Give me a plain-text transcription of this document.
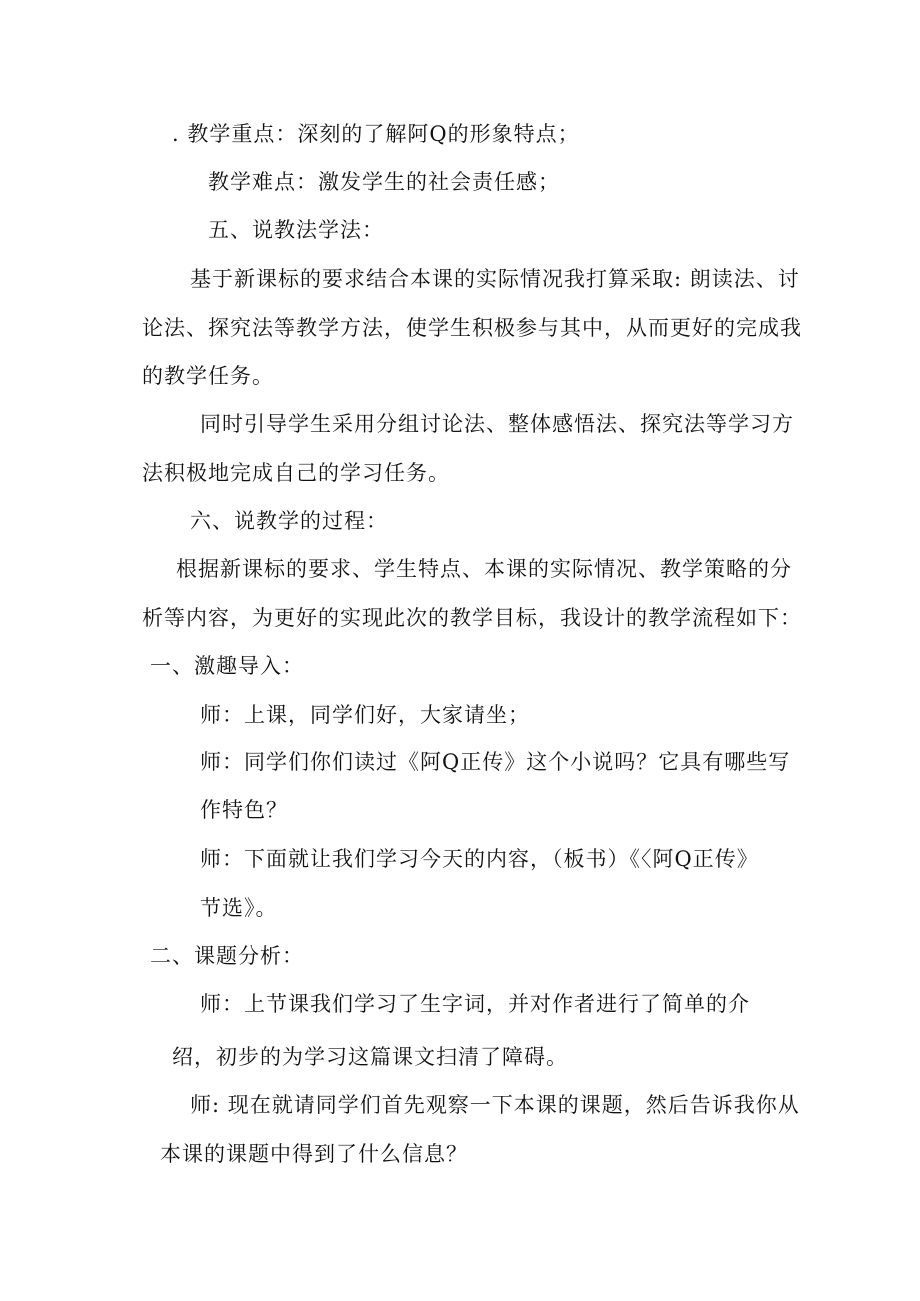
. 教学重点：深刻的了解阿Q的形象特点；
教学难点：激发学生的社会责任感；
五、说教法学法：
基于新课标的要求结合本课的实际情况我打算采取: 朗读法、讨
论法、探究法等教学方法，使学生积极参与其中，从而更好的完成我
的教学任务。
同时引导学生采用分组讨论法、整体感悟法、探究法等学习方
法积极地完成自己的学习任务。
六、说教学的过程：
根据新课标的要求、学生特点、本课的实际情况、教学策略的分
析等内容，为更好的实现此次的教学目标，我设计的教学流程如下：
一、激趣导入：
师：上课，同学们好，大家请坐；
师：同学们你们读过《阿Q正传》这个小说吗？它具有哪些写
作特色？
师：下面就让我们学习今天的内容，（板书）《〈阿Q正传》
节选》。
二、课题分析：
师：上节课我们学习了生字词，并对作者进行了简单的介
绍，初步的为学习这篇课文扫清了障碍。
师: 现在就请同学们首先观察一下本课的课题，然后告诉我你从
本课的课题中得到了什么信息？
